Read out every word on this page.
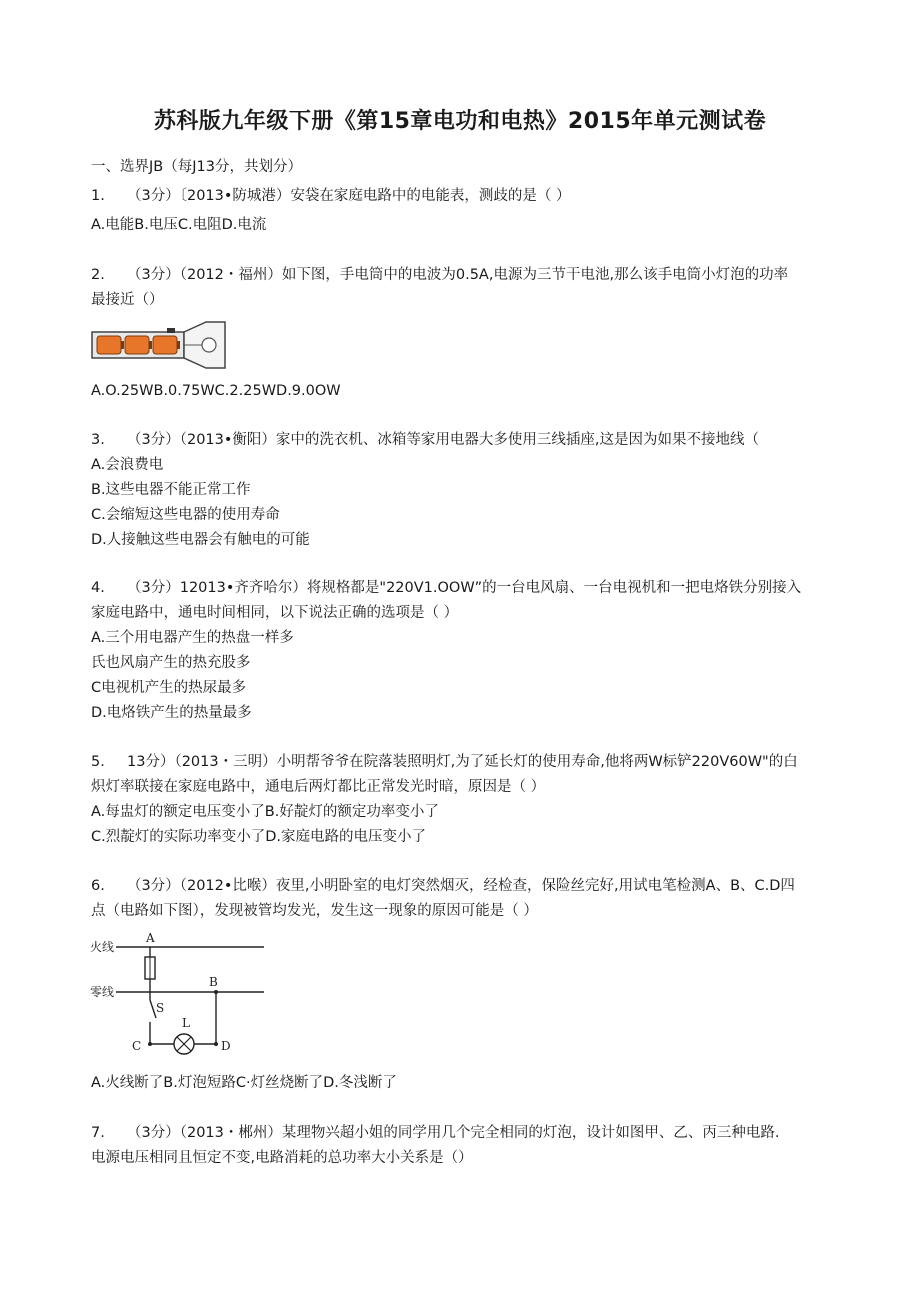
苏科版九年级下册《第15章电功和电热》2015年单元测试卷
一、选界JB（每J13分，共划分）
1. （3分）〔2013•防城港）安袋在家庭电路中的电能表，测歧的是（ ）
A.电能B.电压C.电阻D.电流
2. （3分）（2012・福州）如下图，手电筒中的电波为0.5A,电源为三节干电池,那么该手电筒小灯泡的功率
最接近（）
A.O.25WB.0.75WC.2.25WD.9.0OW
3. （3分）（2013•衡阳）家中的洗衣机、冰箱等家用电器大多使用三线插座,这是因为如果不接地线（
A.会浪费电
B.这些电器不能正常工作
C.会缩短这些电器的使用寿命
D.人接触这些电器会有触电的可能
4. （3分）12013•齐齐哈尔）将规格都是"220V1.OOW”的一台电风扇、一台电视机和一把电烙铁分别接入
家庭电路中，通电时间相同，以下说法正确的选项是（ ）
A.三个用电器产生的热盘一样多
氏也风扇产生的热充股多
C电视机产生的热尿最多
D.电烙铁产生的热量最多
5. 13分）（2013・三明）小明帮爷爷在院落装照明灯,为了延长灯的使用寿命,他将两W标铲220V60W"的白
炽灯率联接在家庭电路中，通电后两灯都比正常发光时暗，原因是（ ）
A.每盅灯的额定电压变小了B.好靛灯的额定功率变小了
C.烈靛灯的实际功率变小了D.家庭电路的电压变小了
6. （3分）（2012•比喉）夜里,小明卧室的电灯突然烟灭，经检查，保险丝完好,用试电笔检测A、B、C.D四
点（电路如下图），发现被管均发光，发生这一现象的原因可能是（ ）
火线
零线
A
B
C	D
S
L
A.火线断了B.灯泡短路C·灯丝烧断了D.冬浅断了
7. （3分）（2013・郴州）某理物兴超小姐的同学用几个完全相同的灯泡，设计如图甲、乙、丙三种电路.
电源电压相同且恒定不变,电路消耗的总功率大小关系是（）
